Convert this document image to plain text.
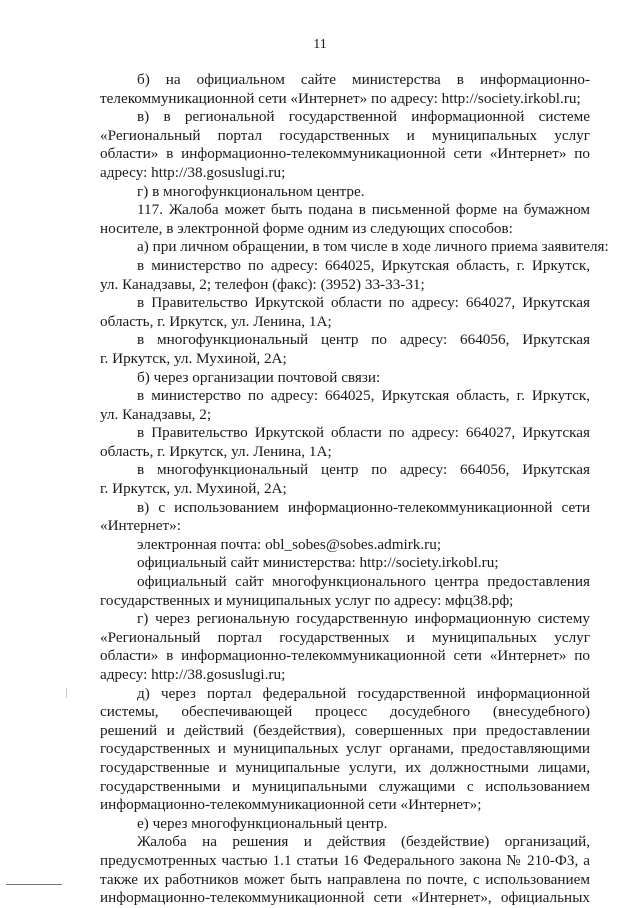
11
б) на официальном сайте министерства в информационно-
телекоммуникационной сети «Интернет» по адресу: http://society.irkobl.ru;
в) в региональной государственной информационной системе
«Региональный портал государственных и муниципальных услуг
области» в информационно-телекоммуникационной сети «Интернет» по
адресу: http://38.gosuslugi.ru;
г) в многофункциональном центре.
117. Жалоба может быть подана в письменной форме на бумажном
носителе, в электронной форме одним из следующих способов:
а) при личном обращении, в том числе в ходе личного приема заявителя:
в министерство по адресу: 664025, Иркутская область, г. Иркутск,
ул. Канадзавы, 2; телефон (факс): (3952) 33-33-31;
в Правительство Иркутской области по адресу: 664027, Иркутская
область, г. Иркутск, ул. Ленина, 1А;
в многофункциональный центр по адресу: 664056, Иркутская
г. Иркутск, ул. Мухиной, 2А;
б) через организации почтовой связи:
в министерство по адресу: 664025, Иркутская область, г. Иркутск,
ул. Канадзавы, 2;
в Правительство Иркутской области по адресу: 664027, Иркутская
область, г. Иркутск, ул. Ленина, 1А;
в многофункциональный центр по адресу: 664056, Иркутская
г. Иркутск, ул. Мухиной, 2А;
в) с использованием информационно-телекоммуникационной сети
«Интернет»:
электронная почта: obl_sobes@sobes.admirk.ru;
официальный сайт министерства: http://society.irkobl.ru;
официальный сайт многофункционального центра предоставления
государственных и муниципальных услуг по адресу: мфц38.рф;
г) через региональную государственную информационную систему
«Региональный портал государственных и муниципальных услуг
области» в информационно-телекоммуникационной сети «Интернет» по
адресу: http://38.gosuslugi.ru;
д) через портал федеральной государственной информационной
системы, обеспечивающей процесс досудебного (внесудебного)
решений и действий (бездействия), совершенных при предоставлении
государственных и муниципальных услуг органами, предоставляющими
государственные и муниципальные услуги, их должностными лицами,
государственными и муниципальными служащими с использованием
информационно-телекоммуникационной сети «Интернет»;
е) через многофункциональный центр.
Жалоба на решения и действия (бездействие) организаций,
предусмотренных частью 1.1 статьи 16 Федерального закона № 210-ФЗ, а
также их работников может быть направлена по почте, с использованием
информационно-телекоммуникационной сети «Интернет», официальных
